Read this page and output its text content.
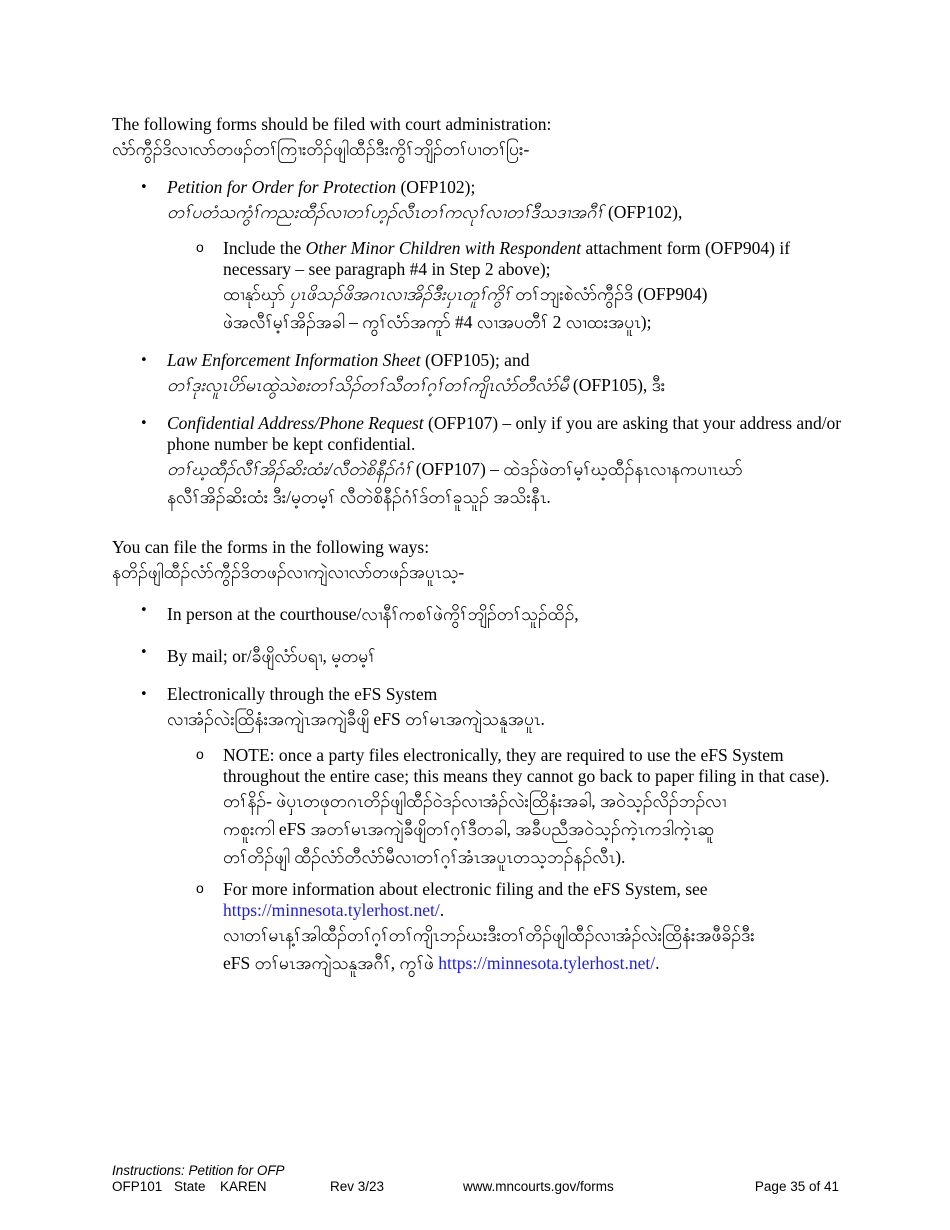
The following forms should be filed with court administration:

လံာ်ကွီၣ်ဒိလၢလာ်တဖၣ်တၢ်ကြၢးတိၣ်ဖျါထီၣ်ဒီးကွိၢ်ဘျိၣ်တၢ်ပၢတၢ်ပြး-

• Petition for Order for Protection (OFP102);

တၢ်ပတံသကွံၢ်ကညးထီၣ်လၢတၢ်ဟ့ၣ်လီၤတၢ်ကလုၢ်လၢတၢ်ဒီသဒၢအဂီၢ် (OFP102),

o Include the Other Minor Children with Respondent attachment form (OFP904) if necessary – see paragraph #4 in Step 2 above);

ထၢနုာ်ဃှာ် ပှၤဖိသၣ်ဖိအဂၤလၢအိၣ်ဒီးပှၤတူၢ်ကွိၢ် တၢ်ဘျးစဲလံာ်ကွီၣ်ဒိ (OFP904)

ဖဲအလီၢ်မ့ၢ်အိၣ်အခါ – ကွၢ်လံာ်အကူာ် #4 လၢအပတီၢ် 2 လၢထးအပူၤ);

• Law Enforcement Information Sheet (OFP105); and

တၢ်ဒုးလူၤပိာ်မၤထွဲသဲစးတၢ်သိၣ်တၢ်သီတၢ်ဂ့ၢ်တၢ်ကျိၤလံာ်တီလံာ်မီ (OFP105), ဒီး

• Confidential Address/Phone Request (OFP107) – only if you are asking that your address and/or phone number be kept confidential.

တၢ်ဃ့ထီၣ်လီၢ်အိၣ်ဆိးထံး/လီတဲစိနီၣ်ဂံၢ် (OFP107) – ထဲဒၣ်ဖဲတၢ်မ့ၢ်ဃ့ထီၣ်နၤလၢနကပၢၤဃာ်

နလီၢ်အိၣ်ဆိးထံး ဒီး/မ့တမ့ၢ် လီတဲစိနီၣ်ဂံၢ်ဒ်တၢ်ခူသူၣ် အသိးနီၤ.

You can file the forms in the following ways:

နတိၣ်ဖျါထီၣ်လံာ်ကွီၣ်ဒိတဖၣ်လၢကျဲလၢလာ်တဖၣ်အပူၤသ့-

• In person at the courthouse/လၢနီၢ်ကစၢ်ဖဲကွိၢ်ဘျိၣ်တၢ်သူၣ်ထိၣ်,

• By mail; or/ခီဖျိလံာ်ပရၢ, မ့တမ့ၢ်

• Electronically through the eFS System

လၢအံၣ်လဲးထြိနံးအကျဲၤအကျဲခီဖျိ eFS တၢ်မၤအကျဲသနူအပူၤ.

o NOTE: once a party files electronically, they are required to use the eFS System throughout the entire case; this means they cannot go back to paper filing in that case).

တၢ်နိၣ်- ဖဲပှၤတဖုတဂၤတိၣ်ဖျါထီၣ်ဝဲဒၣ်လၢအံၣ်လဲးထြိနံးအခါ, အဝဲသ့ၣ်လိၣ်ဘၣ်လၢ

ကစူးကါ eFS အတၢ်မၤအကျဲခီဖျိတၢ်ဂ့ၢ်ဒီတခါ, အခီပညီအဝဲသ့ၣ်ကဲ့ၤကဒါကဲ့ၤဆူ

တၢ်တိၣ်ဖျါ ထီၣ်လံာ်တီလံာ်မီလၢတၢ်ဂ့ၢ်အံၤအပူၤတသ့ဘၣ်နၣ်လီၤ).

o For more information about electronic filing and the eFS System, see

https://minnesota.tylerhost.net/.

လၢတၢ်မၤန့ၢ်အါထီၣ်တၢ်ဂ့ၢ်တၢ်ကျိၤဘၣ်ဃးဒီးတၢ်တိၣ်ဖျါထီၣ်လၢအံၣ်လဲးထြိနံးအဖီခိၣ်ဒီး

eFS တၢ်မၤအကျဲသနူအဂီၢ်, ကွၢ်ဖဲ https://minnesota.tylerhost.net/.

Instructions: Petition for OFP
OFP101 State KAREN	Rev 3/23	www.mncourts.gov/forms	Page 35 of 41
